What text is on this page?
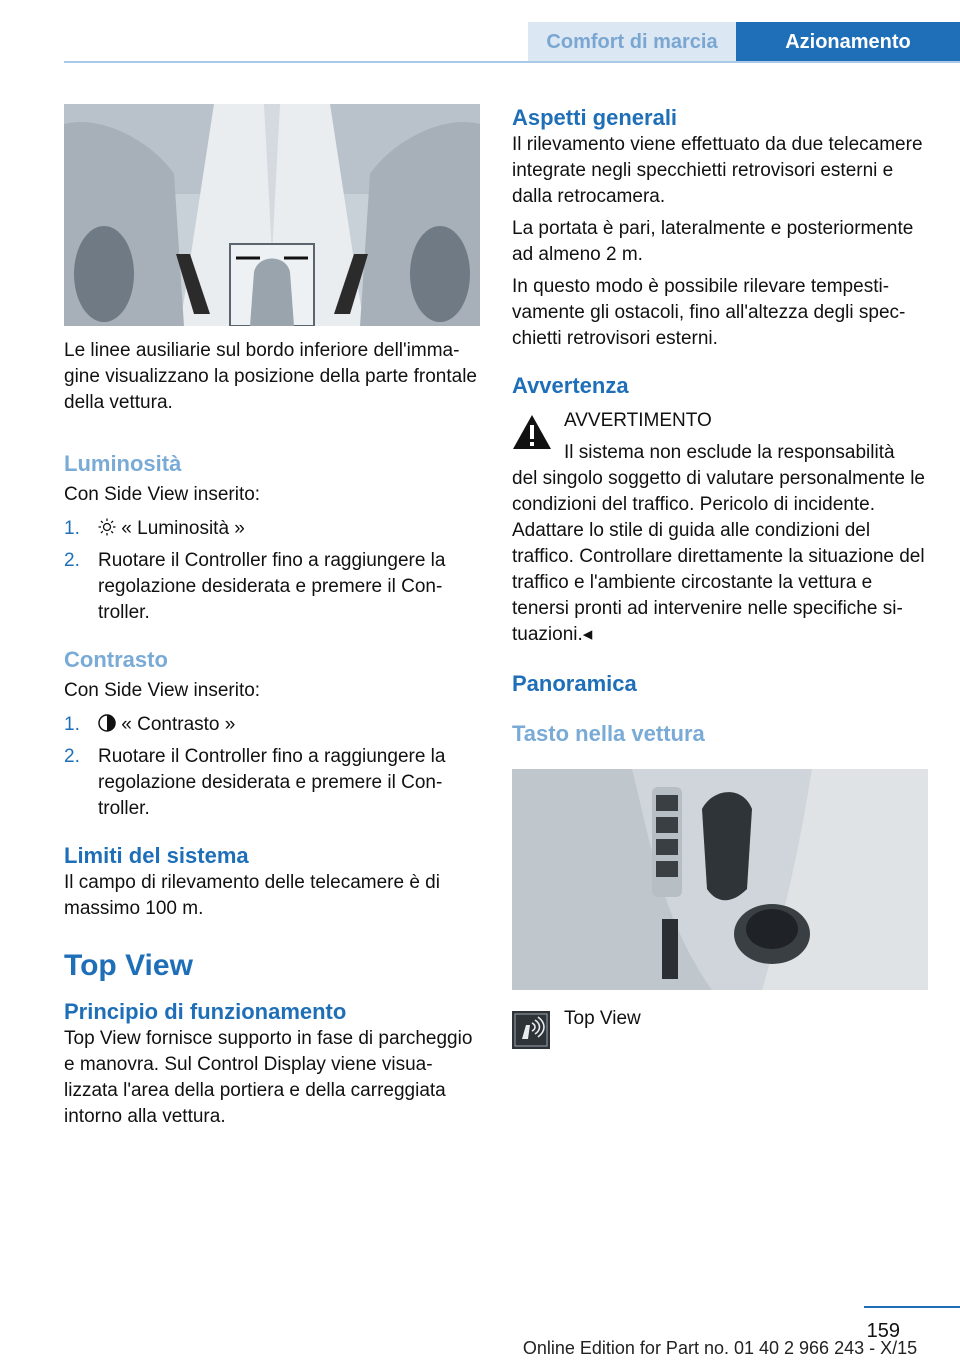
Comfort di marcia	Azionamento

Le linee ausiliarie sul bordo inferiore dell'immagine visualizzano la posizione della parte frontale della vettura.

Luminosità

Con Side View inserito:

1. « Luminosità »
2. Ruotare il Controller fino a raggiungere la regolazione desiderata e premere il Controller.

Contrasto

Con Side View inserito:

1. « Contrasto »
2. Ruotare il Controller fino a raggiungere la regolazione desiderata e premere il Controller.

Limiti del sistema

Il campo di rilevamento delle telecamere è di massimo 100 m.

Top View

Principio di funzionamento

Top View fornisce supporto in fase di parcheggio e manovra. Sul Control Display viene visualizzata l'area della portiera e della carreggiata intorno alla vettura.

Aspetti generali

Il rilevamento viene effettuato da due telecamere integrate negli specchietti retrovisori esterni e dalla retrocamera.

La portata è pari, lateralmente e posteriormente ad almeno 2 m.

In questo modo è possibile rilevare tempestivamente gli ostacoli, fino all'altezza degli specchietti retrovisori esterni.

Avvertenza

AVVERTIMENTO

Il sistema non esclude la responsabilità

del singolo soggetto di valutare personalmente le condizioni del traffico. Pericolo di incidente. Adattare lo stile di guida alle condizioni del traffico. Controllare direttamente la situazione del traffico e l'ambiente circostante la vettura e tenersi pronti ad intervenire nelle specifiche situazioni.◂

Panoramica

Tasto nella vettura

Top View
159
Online Edition for Part no. 01 40 2 966 243 - X/15
